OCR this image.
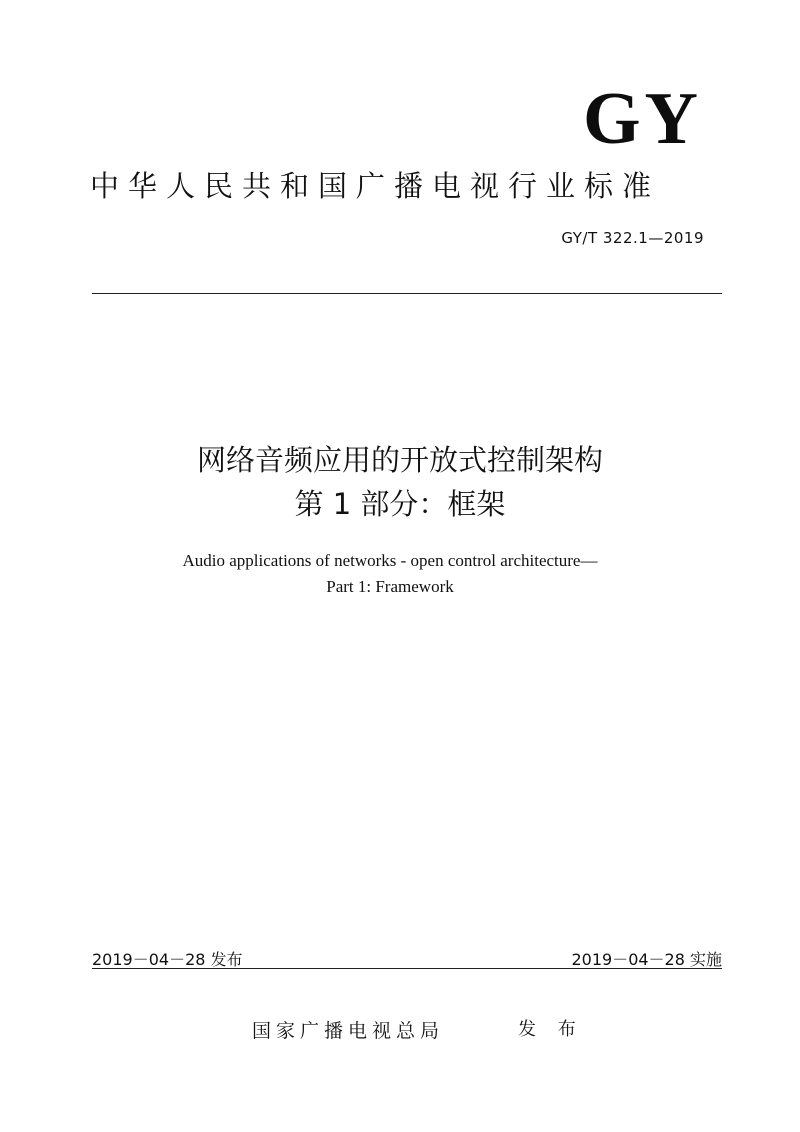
GY
中华人民共和国广播电视行业标准
GY/T 322.1—2019
网络音频应用的开放式控制架构
第 1 部分：框架
Audio applications of networks - open control architecture—
Part 1: Framework
2019－04－28 发布	2019－04－28 实施
国家广播电视总局	发 布
